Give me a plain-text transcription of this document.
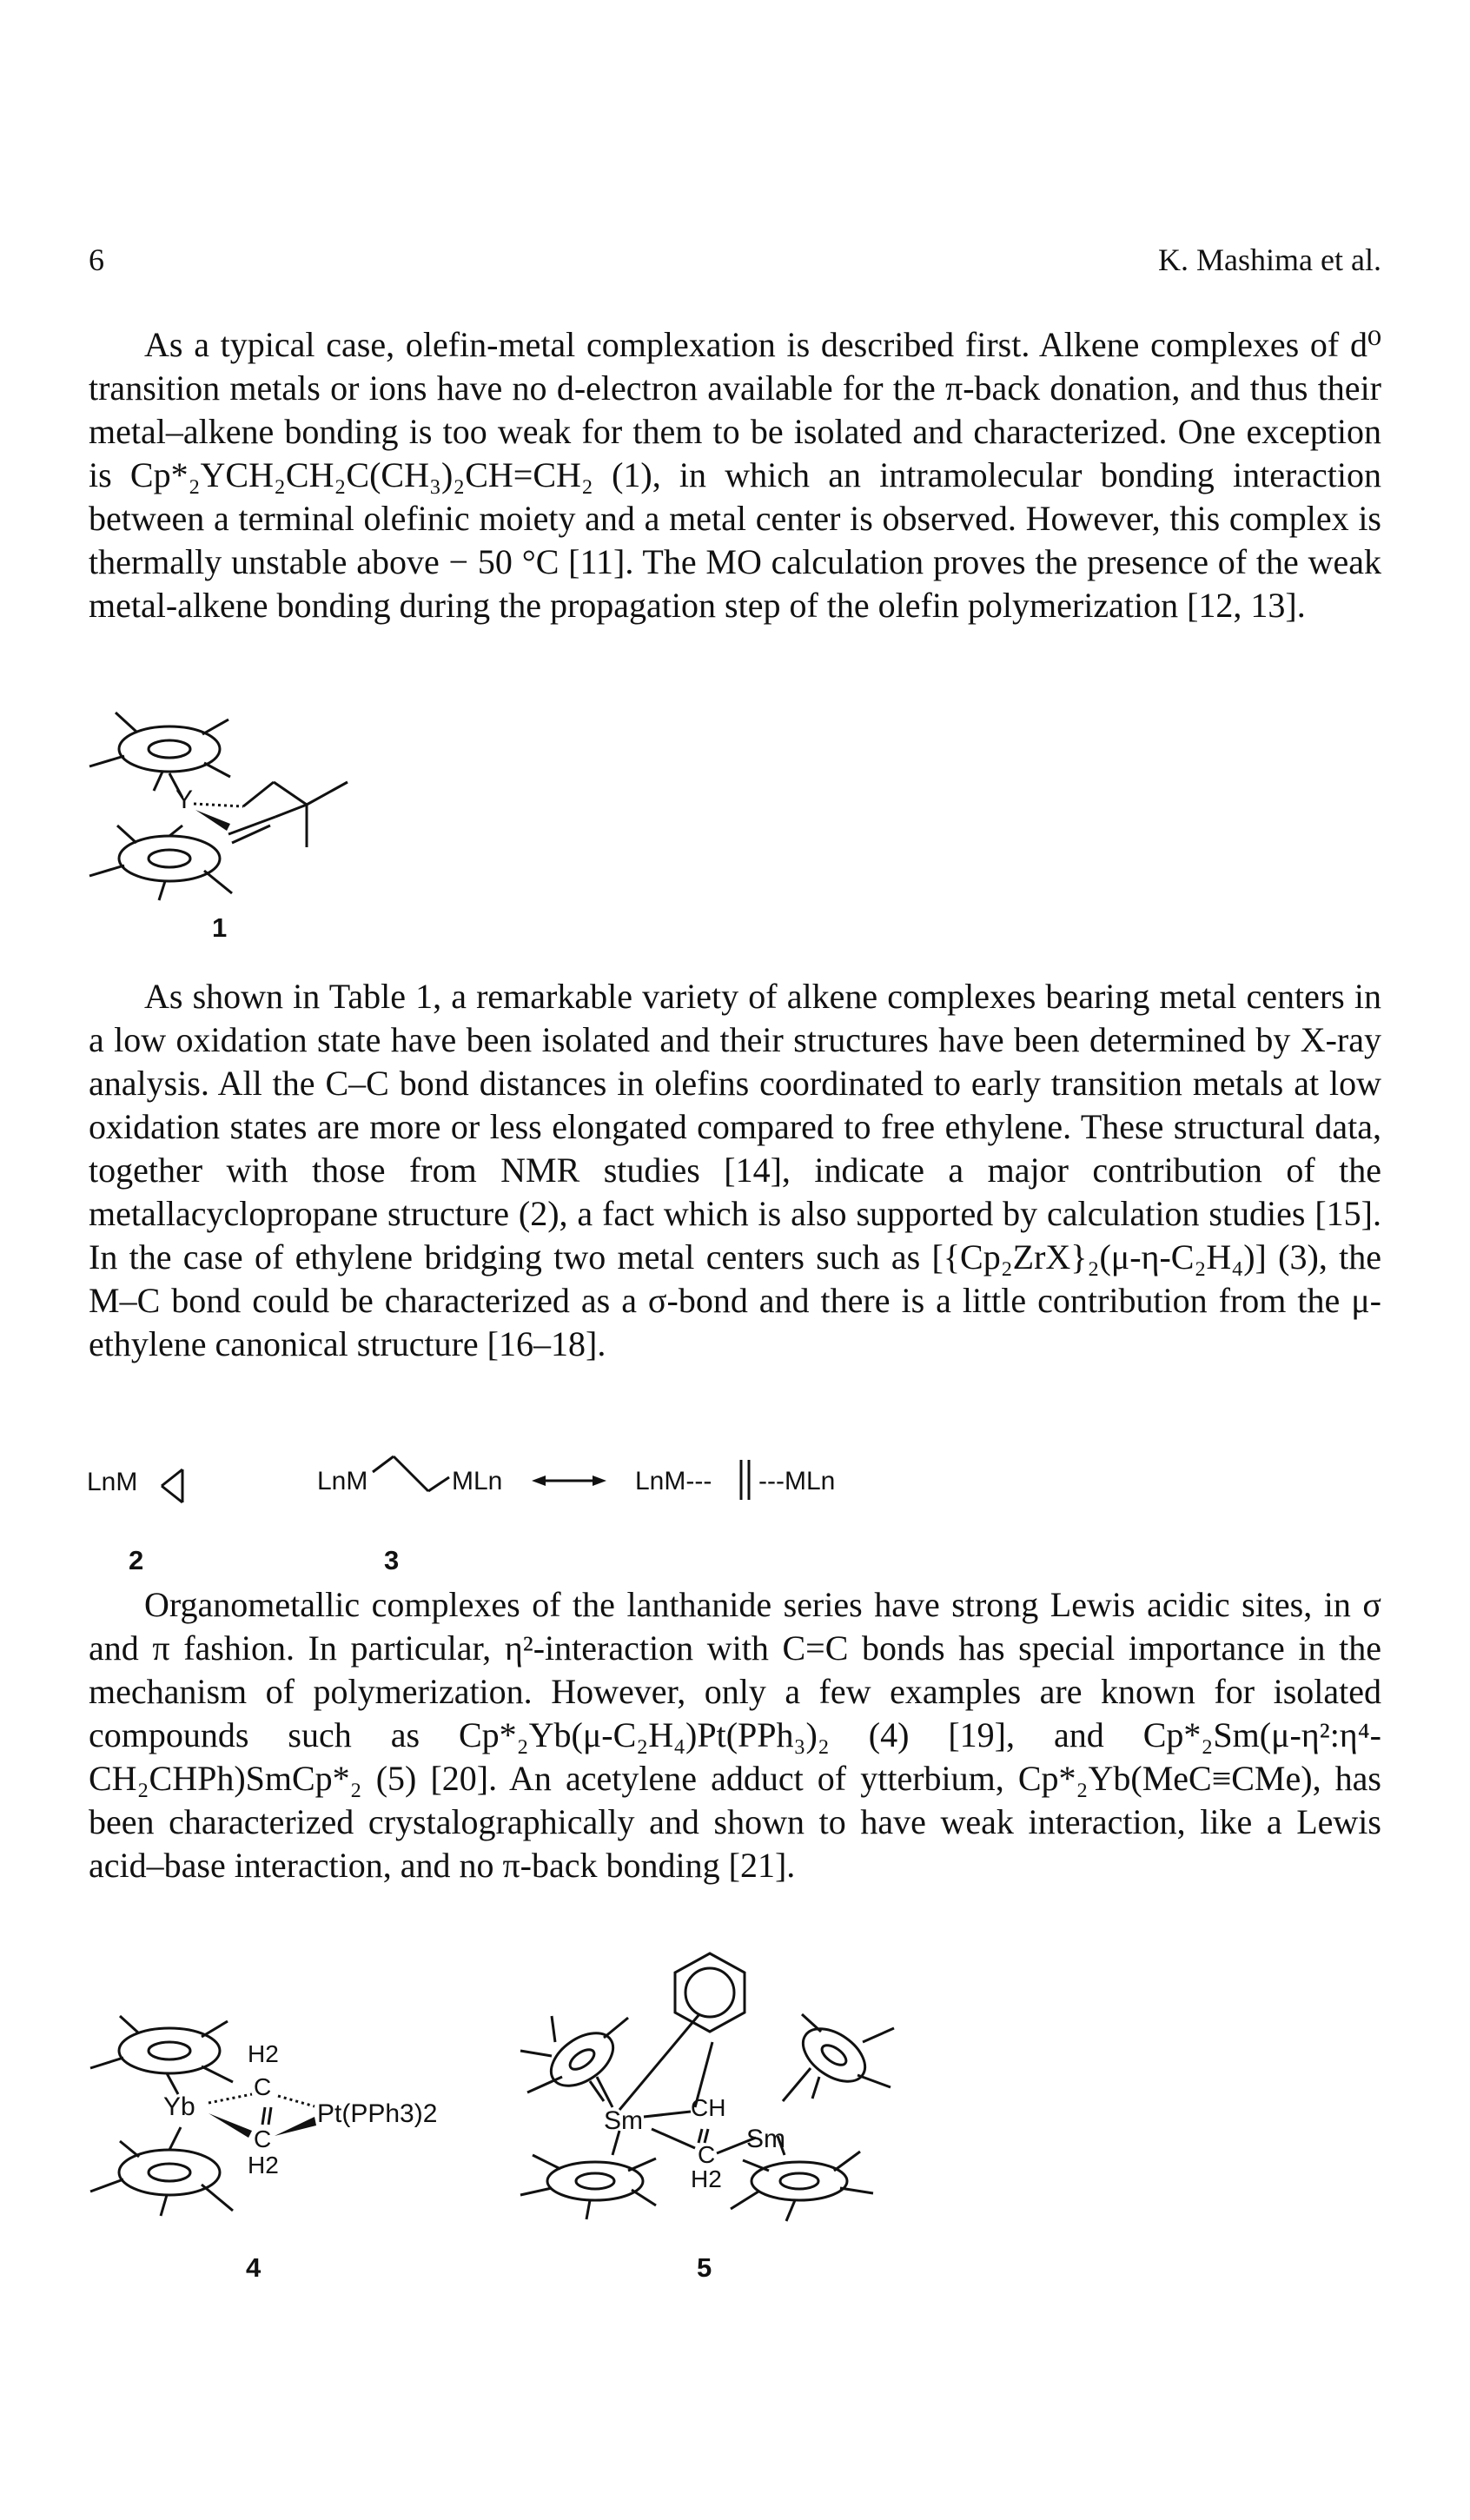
6	K. Mashima et al.

As a typical case, olefin-metal complexation is described first. Alkene complexes of d⁰ transition metals or ions have no d-electron available for the π-back donation, and thus their metal–alkene bonding is too weak for them to be isolated and characterized. One exception is Cp*₂YCH₂CH₂C(CH₃)₂CH=CH₂ (1), in which an intramolecular bonding interaction between a terminal olefinic moiety and a metal center is observed. However, this complex is thermally unstable above − 50 °C [11]. The MO calculation proves the presence of the weak metal-alkene bonding during the propagation step of the olefin polymerization [12, 13].

Y
1

As shown in Table 1, a remarkable variety of alkene complexes bearing metal centers in a low oxidation state have been isolated and their structures have been determined by X-ray analysis. All the C–C bond distances in olefins coordinated to early transition metals at low oxidation states are more or less elongated compared to free ethylene. These structural data, together with those from NMR studies [14], indicate a major contribution of the metallacyclopropane structure (2), a fact which is also supported by calculation studies [15]. In the case of ethylene bridging two metal centers such as [{Cp₂ZrX}₂(μ-η-C₂H₄)] (3), the M–C bond could be characterized as a σ-bond and there is a little contribution from the μ-ethylene canonical structure [16–18].

LnM
2
LnM	MLn	LnM--- ---MLn
3

Organometallic complexes of the lanthanide series have strong Lewis acidic sites, in σ and π fashion. In particular, η²-interaction with C=C bonds has special importance in the mechanism of polymerization. However, only a few examples are known for isolated compounds such as Cp*₂Yb(μ-C₂H₄)Pt(PPh₃)₂ (4) [19], and Cp*₂Sm(μ-η²:η⁴-CH₂CHPh)SmCp*₂ (5) [20]. An acetylene adduct of ytterbium, Cp*₂Yb(MeC≡CMe), has been characterized crystalographically and shown to have weak interaction, like a Lewis acid–base interaction, and no π-back bonding [21].

H2
C
Yb	Pt(PPh3)2
C
H2
4
Sm CH
C
Sm
H2
5
